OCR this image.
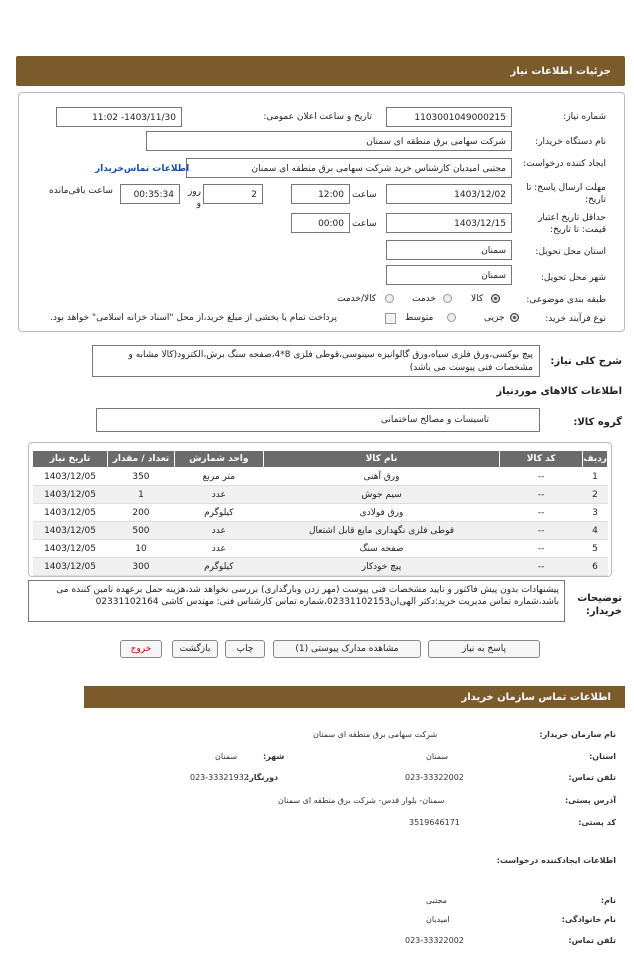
جزئیات اطلاعات نیاز
شماره نیاز:
1103001049000215
تاریخ و ساعت اعلان عمومی:
1403/11/30- 11:02
نام دستگاه خریدار:
شرکت سهامی برق منطقه ای سمنان
ایجاد کننده درخواست:
مجتبی امیدیان کارشناس خرید شرکت سهامی برق منطقه ای سمنان
اطلاعات تماس‌خریدار
مهلت ارسال پاسخ: تا تاریخ:
1403/12/02
ساعت
12:00
2
روز و
00:35:34
ساعت باقی‌مانده
حداقل تاریخ اعتبار قیمت: تا تاریخ:
1403/12/15
ساعت
00:00
استان محل تحویل:
سمنان
شهر محل تحویل:
سمنان
طبقه بندی موضوعی:
کالا
خدمت
کالا/خدمت
نوع فرآیند خرید:
جزیی
متوسط
پرداخت تمام یا بخشی از مبلغ خرید،از محل "اسناد خزانه اسلامی" خواهد بود.
شرح کلی نیاز:
پیچ بوکسی،ورق فلزی سیاه،ورق گالوانیزه سینوسی،قوطی فلزی 8*4،صفحه سنگ برش،الکترود(کالا مشابه و مشخصات فنی پیوست می باشد)
اطلاعات کالاهای موردنیاز
گروه کالا:
تاسیسات و مصالح ساختمانی
ردیف	کد کالا	نام کالا	واحد شمارش	تعداد / مقدار	تاریخ نیاز
1	--	ورق آهنی	متر مربع	350	1403/12/05
2	--	سیم جوش	عدد	1	1403/12/05
3	--	ورق فولادی	کیلوگرم	200	1403/12/05
4	--	قوطی فلزی نگهداری مایع قابل اشتعال	عدد	500	1403/12/05
5	--	صفحه سنگ	عدد	10	1403/12/05
6	--	پیچ خودکار	کیلوگرم	300	1403/12/05
توضیحات خریدار:
پیشنهادات بدون پیش فاکتور و تایید مشخصات فنی پیوست (مهر زدن وبارگذاری) بررسی نخواهد شد،هزینه حمل برعهده تامین کننده می باشد،شماره تماس مدیریت خرید:دکتر الهی‌ان02331102153،شماره تماس کارشناس فنی: مهندس کاشی 02331102164
پاسخ به نیاز
مشاهده مدارک پیوستی (1)
چاپ
بازگشت
خروج
اطلاعات تماس سازمان خریدار
نام سازمان خریدار:
شرکت سهامی برق منطقه ای سمنان
استان:
سمنان
شهر:
سمنان
تلفن تماس:
023-33322002
دورنگار:
023-33321932
آدرس پستی:
سمنان- بلوار قدس- شرکت برق منطقه ای سمنان
کد پستی:
3519646171
اطلاعات ایجادکننده درخواست:
نام:
مجتبی
نام خانوادگی:
امیدیان
تلفن تماس:
023-33322002
